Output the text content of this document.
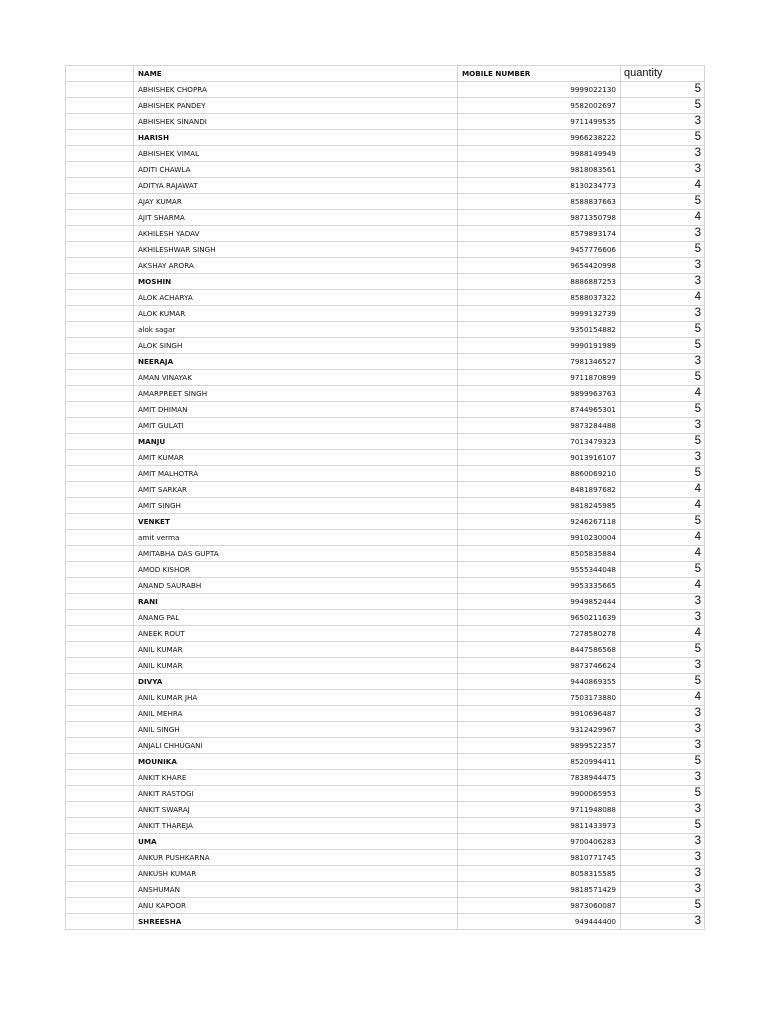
	NAME	MOBILE NUMBER	quantity
	ABHISHEK CHOPRA	9999022130	5
	ABHISHEK PANDEY	9582002697	5
	ABHISHEK SINANDI	9711499535	3
	HARISH	9966238222	5
	ABHISHEK VIMAL	9988149949	3
	ADITI CHAWLA	9818083561	3
	ADITYA RAJAWAT	8130234773	4
	AJAY KUMAR	8588837663	5
	AJIT SHARMA	9871350798	4
	AKHILESH YADAV	8579893174	3
	AKHILESHWAR SINGH	9457776606	5
	AKSHAY ARORA	9654420998	3
	MOSHIN	8886887253	3
	ALOK ACHARYA	8588037322	4
	ALOK KUMAR	9999132739	3
	alok sagar	9350154882	5
	ALOK SINGH	9990191989	5
	NEERAJA	7981346527	3
	AMAN VINAYAK	9711870899	5
	AMARPREET SINGH	9899963763	4
	AMIT DHIMAN	8744965301	5
	AMIT GULATI	9873284488	3
	MANJU	7013479323	5
	AMIT KUMAR	9013916107	3
	AMIT MALHOTRA	8860069210	5
	AMIT SARKAR	8481897682	4
	AMIT SINGH	9818245985	4
	VENKET	9246267118	5
	amit verma	9910230004	4
	AMITABHA DAS GUPTA	8505835884	4
	AMOD KISHOR	9555344048	5
	ANAND SAURABH	9953335665	4
	RANI	9949852444	3
	ANANG PAL	9650211639	3
	ANEEK ROUT	7278580278	4
	ANIL KUMAR	8447586568	5
	ANIL KUMAR	9873746624	3
	DIVYA	9440869355	5
	ANIL KUMAR JHA	7503173880	4
	ANIL MEHRA	9910696487	3
	ANIL SINGH	9312429967	3
	ANJALI CHHUGANI	9899522357	3
	MOUNIKA	8520994411	5
	ANKIT KHARE	7838944475	3
	ANKIT RASTOGI	9900065953	5
	ANKIT SWARAJ	9711948088	3
	ANKIT THAREJA	9811433973	5
	UMA	9700406283	3
	ANKUR PUSHKARNA	9810771745	3
	ANKUSH KUMAR	8058315585	3
	ANSHUMAN	9818571429	3
	ANU KAPOOR	9873060087	5
	SHREESHA	949444400	3
